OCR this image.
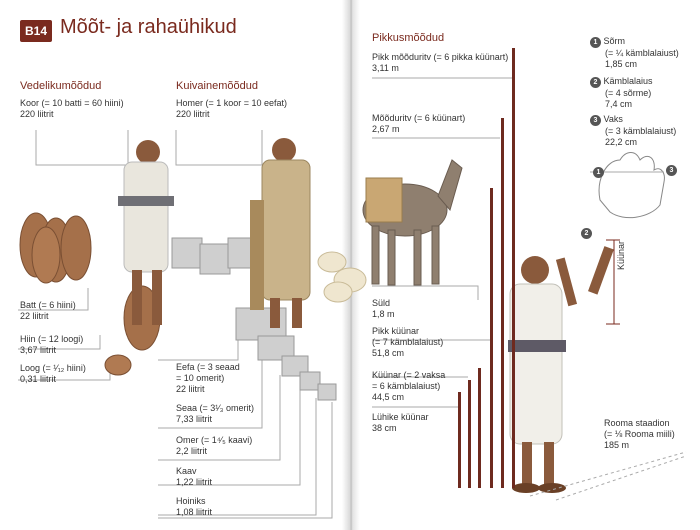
B14 Mõõt- ja rahaühikud
Vedelikumõõdud
Koor (= 10 batti = 60 hiini)
220 liitrit
Batt (= 6 hiini)
22 liitrit
Hiin (= 12 loogi)
3,67 liitrit
Loog (= ¹⁄₁₂ hiini)
0,31 liitrit
Kuivainemõõdud
Homer (= 1 koor = 10 eefat)
220 liitrit
Eefa (= 3 seaad
= 10 omerit)
22 liitrit
Seaa (= 3¹⁄₃ omerit)
7,33 liitrit
Omer (= 1⁴⁄₅ kaavi)
2,2 liitrit
Kaav
1,22 liitrit
Hoiniks
1,08 liitrit
Pikkusmõõdud
Pikk mõõduritv (= 6 pikka küünart)
3,11 m
Mõõduritv (= 6 küünart)
2,67 m
Süld
1,8 m
Pikk küünar
(= 7 kämblalaiust)
51,8 cm
Küünar (= 2 vaksa
= 6 kämblalaiust)
44,5 cm
Lühike küünar
38 cm
1 Sõrm
(= ¼ kämblalaiust)
1,85 cm
2 Kämblalaius
(= 4 sõrme)
7,4 cm
3 Vaks
(= 3 kämblalaiust)
22,2 cm
1
2
3
Küünar
Rooma staadion
(= ⅛ Rooma miili)
185 m
